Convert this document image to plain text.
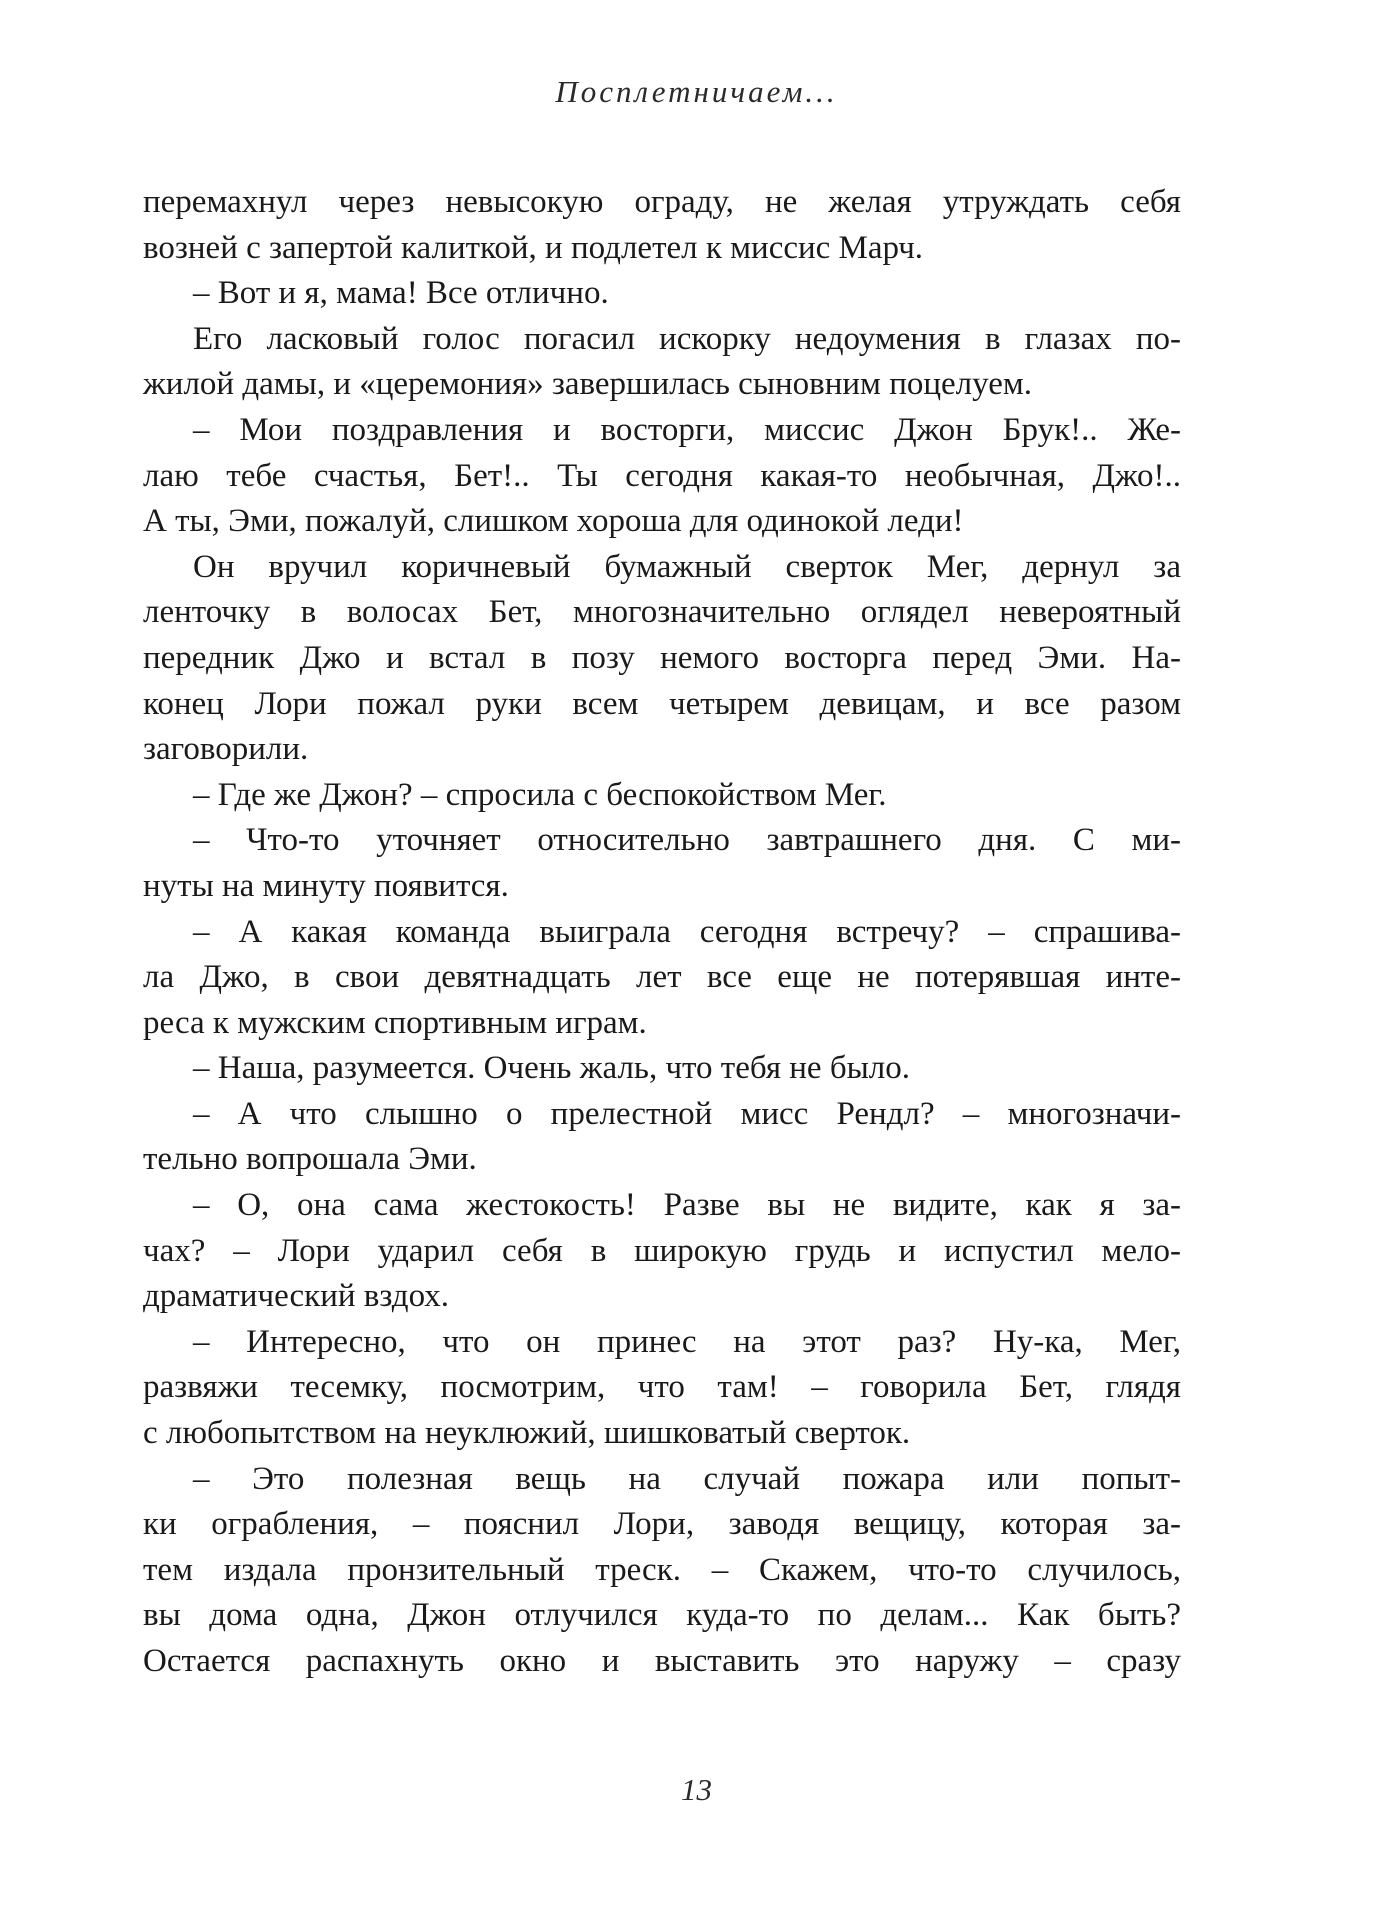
Посплетничаем...
перемахнул через невысокую ограду, не желая утруждать себя
возней с запертой калиткой, и подлетел к миссис Марч.
– Вот и я, мама! Все отлично.
Его ласковый голос погасил искорку недоумения в глазах по-
жилой дамы, и «церемония» завершилась сыновним поцелуем.
– Мои поздравления и восторги, миссис Джон Брук!.. Же-
лаю тебе счастья, Бет!.. Ты сегодня какая-то необычная, Джо!..
А ты, Эми, пожалуй, слишком хороша для одинокой леди!
Он вручил коричневый бумажный сверток Мег, дернул за
ленточку в волосах Бет, многозначительно оглядел невероятный
передник Джо и встал в позу немого восторга перед Эми. На-
конец Лори пожал руки всем четырем девицам, и все разом
заговорили.
– Где же Джон? – спросила с беспокойством Мег.
– Что-то уточняет относительно завтрашнего дня. С ми-
нуты на минуту появится.
– А какая команда выиграла сегодня встречу? – спрашива-
ла Джо, в свои девятнадцать лет все еще не потерявшая инте-
реса к мужским спортивным играм.
– Наша, разумеется. Очень жаль, что тебя не было.
– А что слышно о прелестной мисс Рендл? – многозначи-
тельно вопрошала Эми.
– О, она сама жестокость! Разве вы не видите, как я за-
чах? – Лори ударил себя в широкую грудь и испустил мело-
драматический вздох.
– Интересно, что он принес на этот раз? Ну-ка, Мег,
развяжи тесемку, посмотрим, что там! – говорила Бет, глядя
с любопытством на неуклюжий, шишковатый сверток.
– Это полезная вещь на случай пожара или попыт-
ки ограбления, – пояснил Лори, заводя вещицу, которая за-
тем издала пронзительный треск. – Скажем, что-то случилось,
вы дома одна, Джон отлучился куда-то по делам... Как быть?
Остается распахнуть окно и выставить это наружу – сразу
13
